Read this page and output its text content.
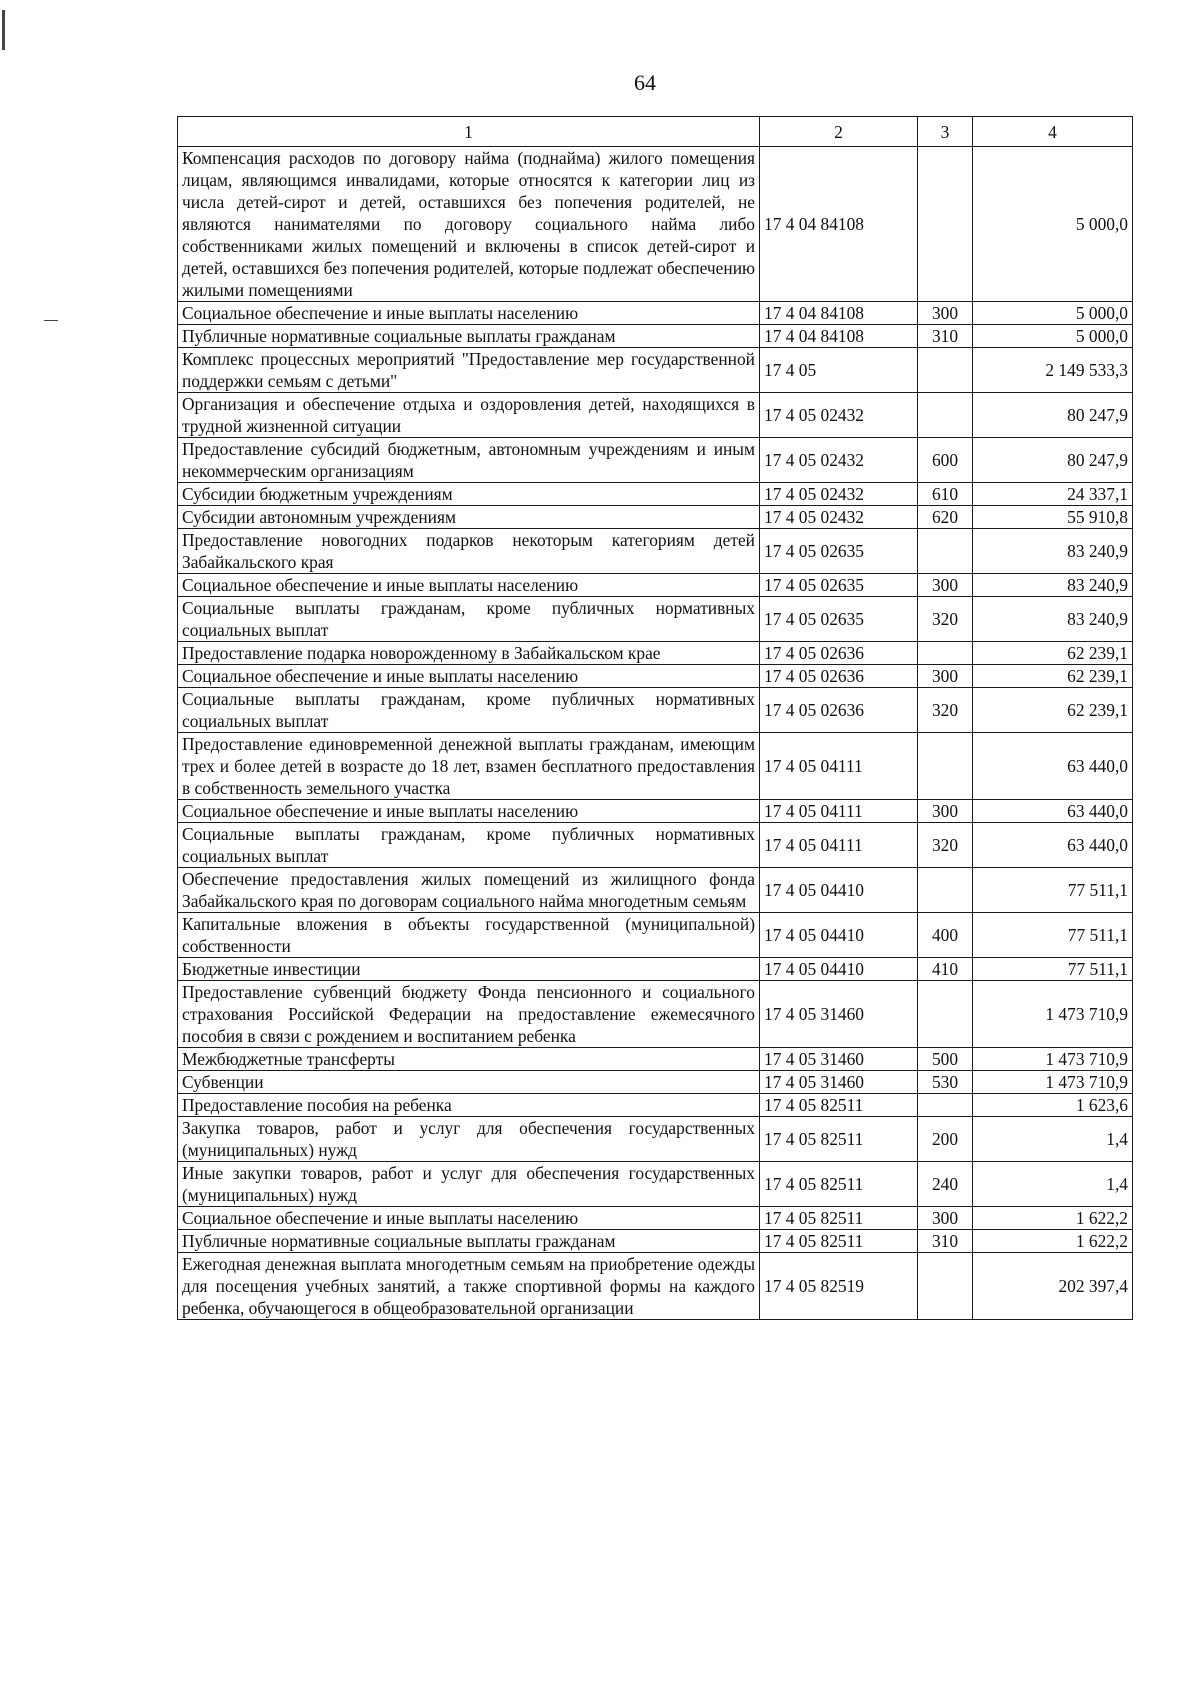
64
1	2	3	4
Компенсация расходов по договору найма (поднайма) жилого помещения лицам, являющимся инвалидами, которые относятся к категории лиц из числа детей-сирот и детей, оставшихся без попечения родителей, не являются нанимателями по договору социального найма либо собственниками жилых помещений и включены в список детей-сирот и детей, оставшихся без попечения родителей, которые подлежат обеспечению жилыми помещениями	17 4 04 84108		5 000,0
Социальное обеспечение и иные выплаты населению	17 4 04 84108	300	5 000,0
Публичные нормативные социальные выплаты гражданам	17 4 04 84108	310	5 000,0
Комплекс процессных мероприятий "Предоставление мер государственной поддержки семьям с детьми"	17 4 05		2 149 533,3
Организация и обеспечение отдыха и оздоровления детей, находящихся в трудной жизненной ситуации	17 4 05 02432		80 247,9
Предоставление субсидий бюджетным, автономным учреждениям и иным некоммерческим организациям	17 4 05 02432	600	80 247,9
Субсидии бюджетным учреждениям	17 4 05 02432	610	24 337,1
Субсидии автономным учреждениям	17 4 05 02432	620	55 910,8
Предоставление новогодних подарков некоторым категориям детей Забайкальского края	17 4 05 02635		83 240,9
Социальное обеспечение и иные выплаты населению	17 4 05 02635	300	83 240,9
Социальные выплаты гражданам, кроме публичных нормативных социальных выплат	17 4 05 02635	320	83 240,9
Предоставление подарка новорожденному в Забайкальском крае	17 4 05 02636		62 239,1
Социальное обеспечение и иные выплаты населению	17 4 05 02636	300	62 239,1
Социальные выплаты гражданам, кроме публичных нормативных социальных выплат	17 4 05 02636	320	62 239,1
Предоставление единовременной денежной выплаты гражданам, имеющим трех и более детей в возрасте до 18 лет, взамен бесплатного предоставления в собственность земельного участка	17 4 05 04111		63 440,0
Социальное обеспечение и иные выплаты населению	17 4 05 04111	300	63 440,0
Социальные выплаты гражданам, кроме публичных нормативных социальных выплат	17 4 05 04111	320	63 440,0
Обеспечение предоставления жилых помещений из жилищного фонда Забайкальского края по договорам социального найма многодетным семьям	17 4 05 04410		77 511,1
Капитальные вложения в объекты государственной (муниципальной) собственности	17 4 05 04410	400	77 511,1
Бюджетные инвестиции	17 4 05 04410	410	77 511,1
Предоставление субвенций бюджету Фонда пенсионного и социального страхования Российской Федерации на предоставление ежемесячного пособия в связи с рождением и воспитанием ребенка	17 4 05 31460		1 473 710,9
Межбюджетные трансферты	17 4 05 31460	500	1 473 710,9
Субвенции	17 4 05 31460	530	1 473 710,9
Предоставление пособия на ребенка	17 4 05 82511		1 623,6
Закупка товаров, работ и услуг для обеспечения государственных (муниципальных) нужд	17 4 05 82511	200	1,4
Иные закупки товаров, работ и услуг для обеспечения государственных (муниципальных) нужд	17 4 05 82511	240	1,4
Социальное обеспечение и иные выплаты населению	17 4 05 82511	300	1 622,2
Публичные нормативные социальные выплаты гражданам	17 4 05 82511	310	1 622,2
Ежегодная денежная выплата многодетным семьям на приобретение одежды для посещения учебных занятий, а также спортивной формы на каждого ребенка, обучающегося в общеобразовательной организации	17 4 05 82519		202 397,4
